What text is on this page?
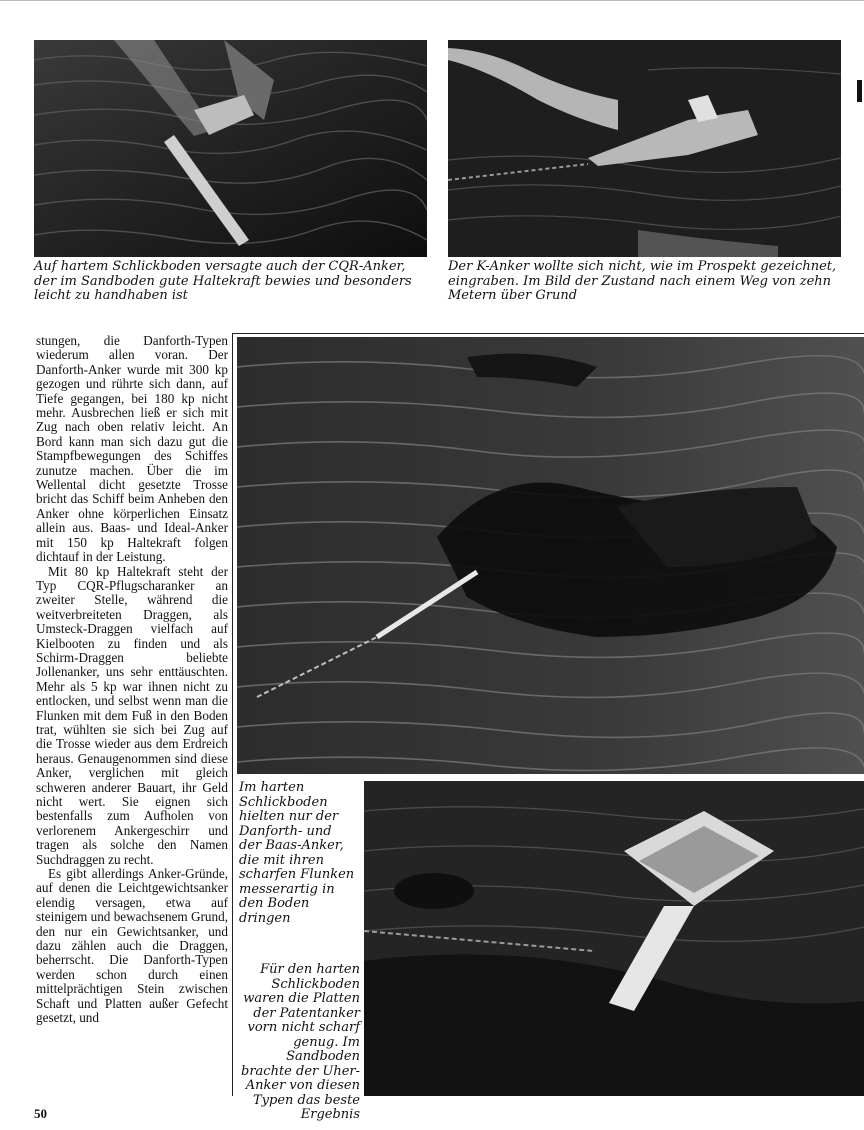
Auf hartem Schlickboden versagte auch der CQR-Anker, der im Sandboden gute Haltekraft bewies und besonders leicht zu handhaben ist
Der K-Anker wollte sich nicht, wie im Prospekt gezeichnet, eingraben. Im Bild der Zustand nach einem Weg von zehn Metern über Grund

stungen, die Danforth-Typen wiederum allen voran. Der Danforth-Anker wurde mit 300 kp gezogen und rührte sich dann, auf Tiefe gegangen, bei 180 kp nicht mehr. Ausbrechen ließ er sich mit Zug nach oben relativ leicht. An Bord kann man sich dazu gut die Stampfbewegungen des Schiffes zunutze machen. Über die im Wellental dicht gesetzte Trosse bricht das Schiff beim Anheben den Anker ohne körperlichen Einsatz allein aus. Baas- und Ideal-Anker mit 150 kp Haltekraft folgen dichtauf in der Leistung.

Mit 80 kp Haltekraft steht der Typ CQR-Pflugscharanker an zweiter Stelle, während die weitverbreiteten Draggen, als Umsteck-Draggen vielfach auf Kielbooten zu finden und als Schirm-Draggen beliebte Jollenanker, uns sehr enttäuschten. Mehr als 5 kp war ihnen nicht zu entlocken, und selbst wenn man die Flunken mit dem Fuß in den Boden trat, wühlten sie sich bei Zug auf die Trosse wieder aus dem Erdreich heraus. Genaugenommen sind diese Anker, verglichen mit gleich schweren anderer Bauart, ihr Geld nicht wert. Sie eignen sich bestenfalls zum Aufholen von verlorenem Ankergeschirr und tragen als solche den Namen Suchdraggen zu recht.

Es gibt allerdings Anker-Gründe, auf denen die Leichtgewichtsanker elendig versagen, etwa auf steinigem und bewachsenem Grund, den nur ein Gewichtsanker, und dazu zählen auch die Draggen, beherrscht. Die Danforth-Typen werden schon durch einen mittelprächtigen Stein zwischen Schaft und Platten außer Gefecht gesetzt, und

Im harten Schlickboden hielten nur der Danforth- und der Baas-Anker, die mit ihren scharfen Flunken messerartig in den Boden dringen
Für den harten Schlickboden waren die Platten der Patentanker vorn nicht scharf genug. Im Sandboden brachte der Uher-Anker von diesen Typen das beste Ergebnis
50
